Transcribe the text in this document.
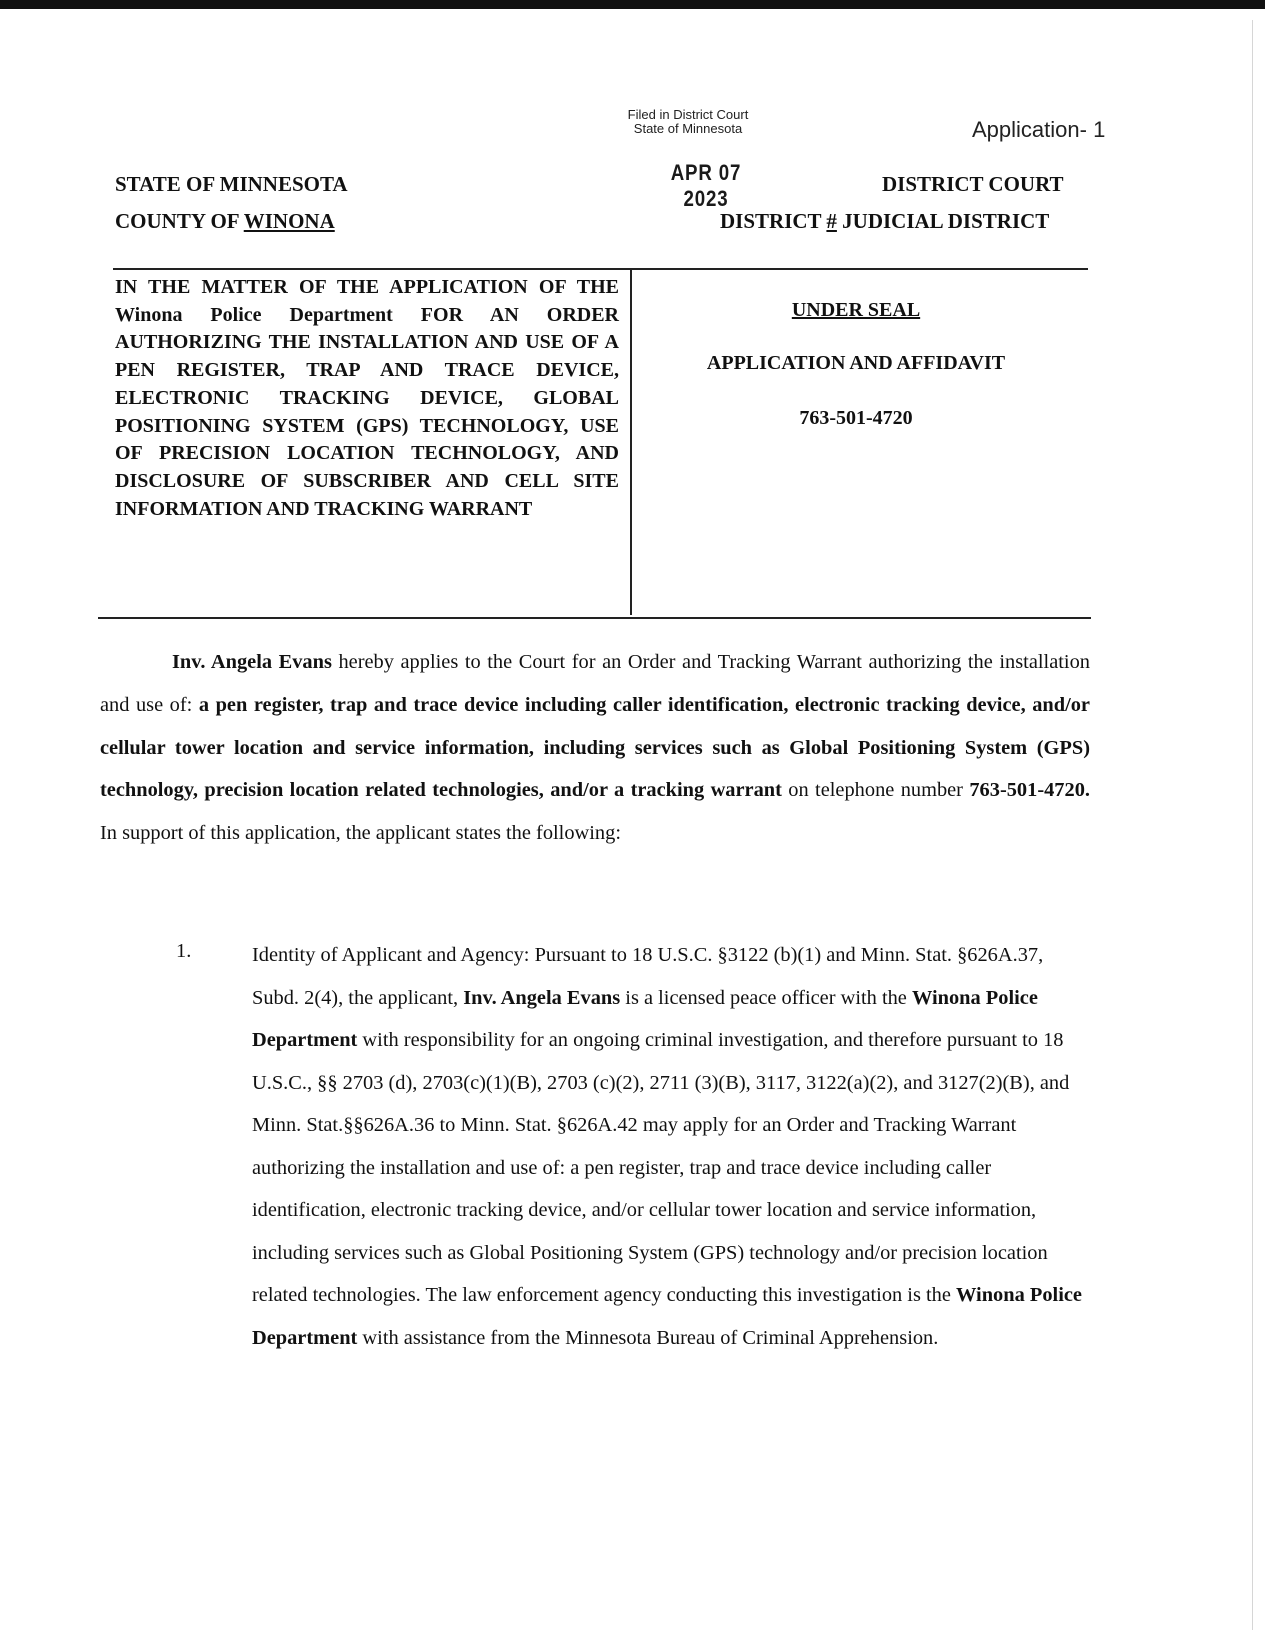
Filed in District Court
State of Minnesota
APR 07 2023
Application- 1
STATE OF MINNESOTA
COUNTY OF WINONA
DISTRICT COURT
DISTRICT # JUDICIAL DISTRICT
IN THE MATTER OF THE APPLICATION OF THE Winona Police Department FOR AN ORDER AUTHORIZING THE INSTALLATION AND USE OF A PEN REGISTER, TRAP AND TRACE DEVICE, ELECTRONIC TRACKING DEVICE, GLOBAL POSITIONING SYSTEM (GPS) TECHNOLOGY, USE OF PRECISION LOCATION TECHNOLOGY, AND DISCLOSURE OF SUBSCRIBER AND CELL SITE INFORMATION AND TRACKING WARRANT
UNDER SEAL
APPLICATION AND AFFIDAVIT
763-501-4720
Inv. Angela Evans hereby applies to the Court for an Order and Tracking Warrant authorizing the installation and use of: a pen register, trap and trace device including caller identification, electronic tracking device, and/or cellular tower location and service information, including services such as Global Positioning System (GPS) technology, precision location related technologies, and/or a tracking warrant on telephone number 763-501-4720. In support of this application, the applicant states the following:
1.	Identity of Applicant and Agency: Pursuant to 18 U.S.C. §3122 (b)(1) and Minn. Stat. §626A.37, Subd. 2(4), the applicant, Inv. Angela Evans is a licensed peace officer with the Winona Police Department with responsibility for an ongoing criminal investigation, and therefore pursuant to 18 U.S.C., §§ 2703 (d), 2703(c)(1)(B), 2703 (c)(2), 2711 (3)(B), 3117, 3122(a)(2), and 3127(2)(B), and Minn. Stat.§§626A.36 to Minn. Stat. §626A.42 may apply for an Order and Tracking Warrant authorizing the installation and use of: a pen register, trap and trace device including caller identification, electronic tracking device, and/or cellular tower location and service information, including services such as Global Positioning System (GPS) technology and/or precision location related technologies. The law enforcement agency conducting this investigation is the Winona Police Department with assistance from the Minnesota Bureau of Criminal Apprehension.
